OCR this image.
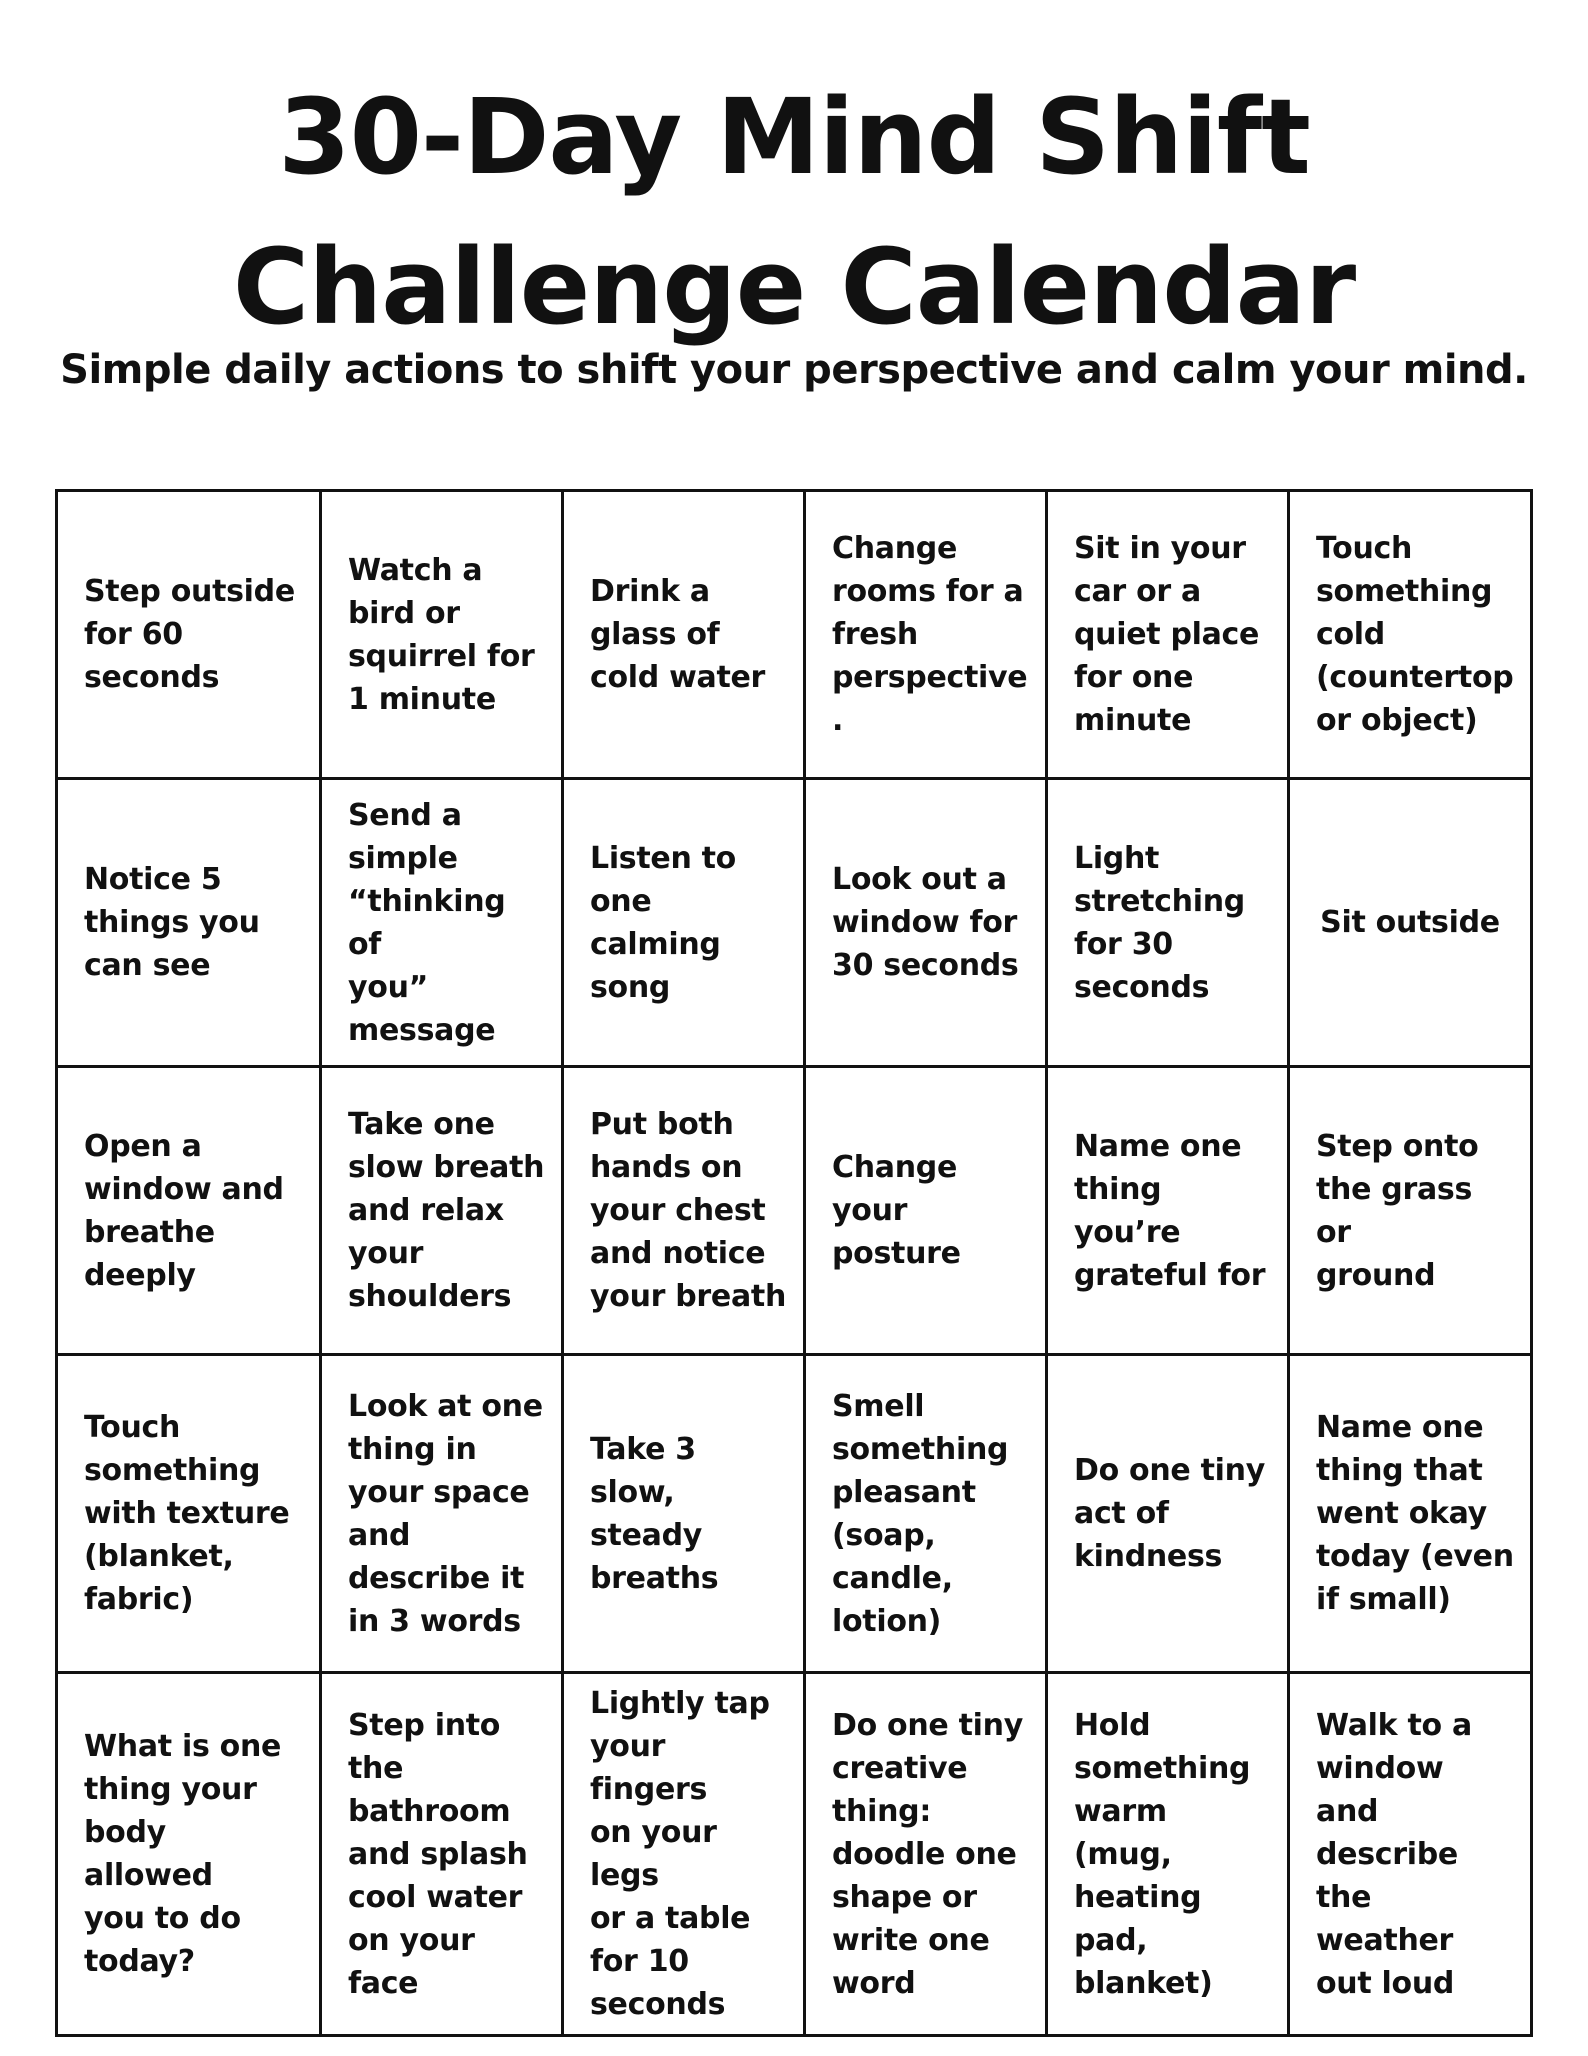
30-Day Mind Shift Challenge Calendar

Simple daily actions to shift your perspective and calm your mind.

Step outside
for 60
seconds
Watch a
bird or
squirrel for
1 minute
Drink a
glass of
cold water
Change
rooms for a
fresh
perspective
.
Sit in your
car or a
quiet place
for one
minute
Touch
something
cold
(countertop
or object)
Notice 5
things you
can see
Send a
simple
“thinking of
you”
message
Listen to
one calming
song
Look out a
window for
30 seconds
Light
stretching
for 30
seconds
Sit outside
Open a
window and
breathe
deeply
Take one
slow breath
and relax
your
shoulders
Put both
hands on
your chest
and notice
your breath
Change
your
posture
Name one
thing you’re
grateful for
Step onto
the grass or
ground
Touch
something
with texture
(blanket,
fabric)
Look at one
thing in
your space
and
describe it
in 3 words
Take 3 slow,
steady
breaths
Smell
something
pleasant
(soap,
candle,
lotion)
Do one tiny
act of
kindness
Name one
thing that
went okay
today (even
if small)
What is one
thing your
body allowed
you to do
today?
Step into
the
bathroom
and splash
cool water
on your
face
Lightly tap
your fingers
on your legs
or a table
for 10
seconds
Do one tiny
creative
thing:
doodle one
shape or
write one
word
Hold
something
warm (mug,
heating
pad,
blanket)
Walk to a
window and
describe
the weather
out loud
